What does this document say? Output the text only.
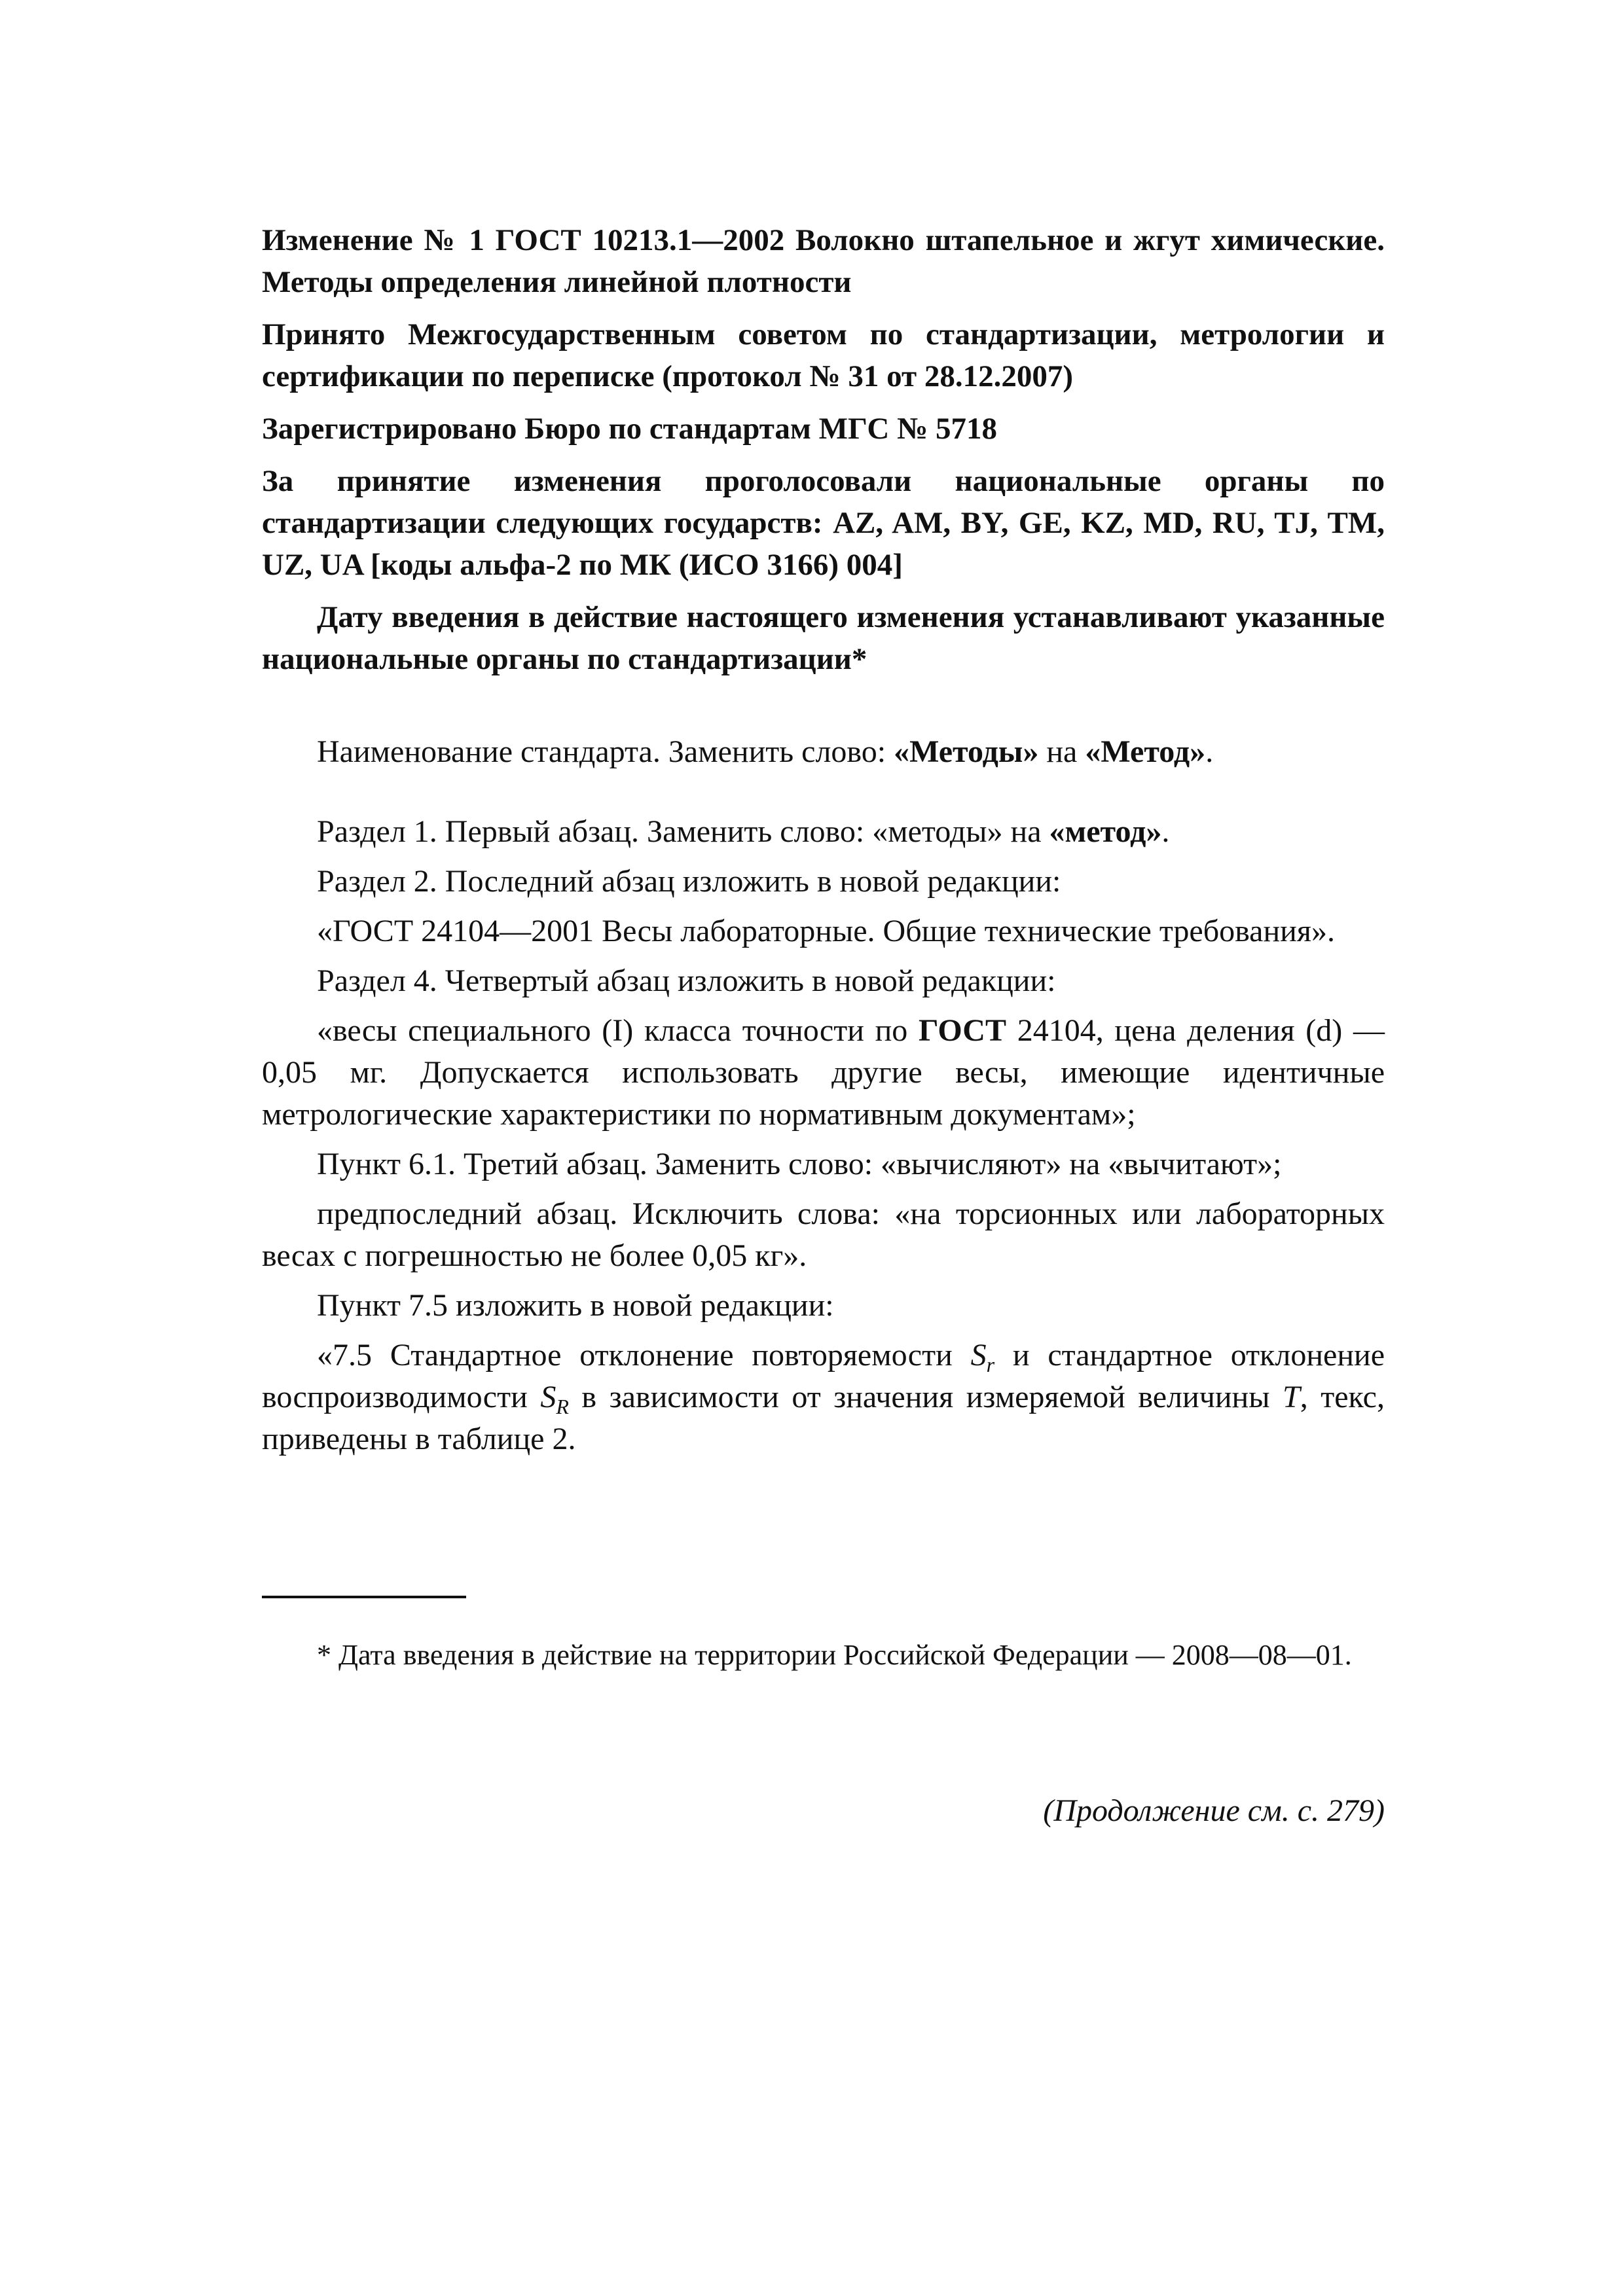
Изменение № 1 ГОСТ 10213.1—2002 Волокно штапельное и жгут химические. Методы определения линейной плотности

Принято Межгосударственным советом по стандартизации, метрологии и сертификации по переписке (протокол № 31 от 28.12.2007)

Зарегистрировано Бюро по стандартам МГС № 5718

За принятие изменения проголосовали национальные органы по стандартизации следующих государств: AZ, AM, BY, GE, KZ, MD, RU, TJ, TM, UZ, UA [коды альфа-2 по МК (ИСО 3166) 004]

Дату введения в действие настоящего изменения устанавливают указанные национальные органы по стандартизации*

Наименование стандарта. Заменить слово: «Методы» на «Метод».

Раздел 1. Первый абзац. Заменить слово: «методы» на «метод».

Раздел 2. Последний абзац изложить в новой редакции:

«ГОСТ 24104—2001 Весы лабораторные. Общие технические требования».

Раздел 4. Четвертый абзац изложить в новой редакции:

«весы специального (I) класса точности по ГОСТ 24104, цена деления (d) — 0,05 мг. Допускается использовать другие весы, имеющие идентичные метрологические характеристики по нормативным документам»;

Пункт 6.1. Третий абзац. Заменить слово: «вычисляют» на «вычитают»;

предпоследний абзац. Исключить слова: «на торсионных или лабораторных весах с погрешностью не более 0,05 кг».

Пункт 7.5 изложить в новой редакции:

«7.5 Стандартное отклонение повторяемости $S_r$ и стандартное отклонение воспроизводимости $S_R$ в зависимости от значения измеряемой величины T, текс, приведены в таблице 2.

* Дата введения в действие на территории Российской Федерации — 2008—08—01.

(Продолжение см. с. 279)
